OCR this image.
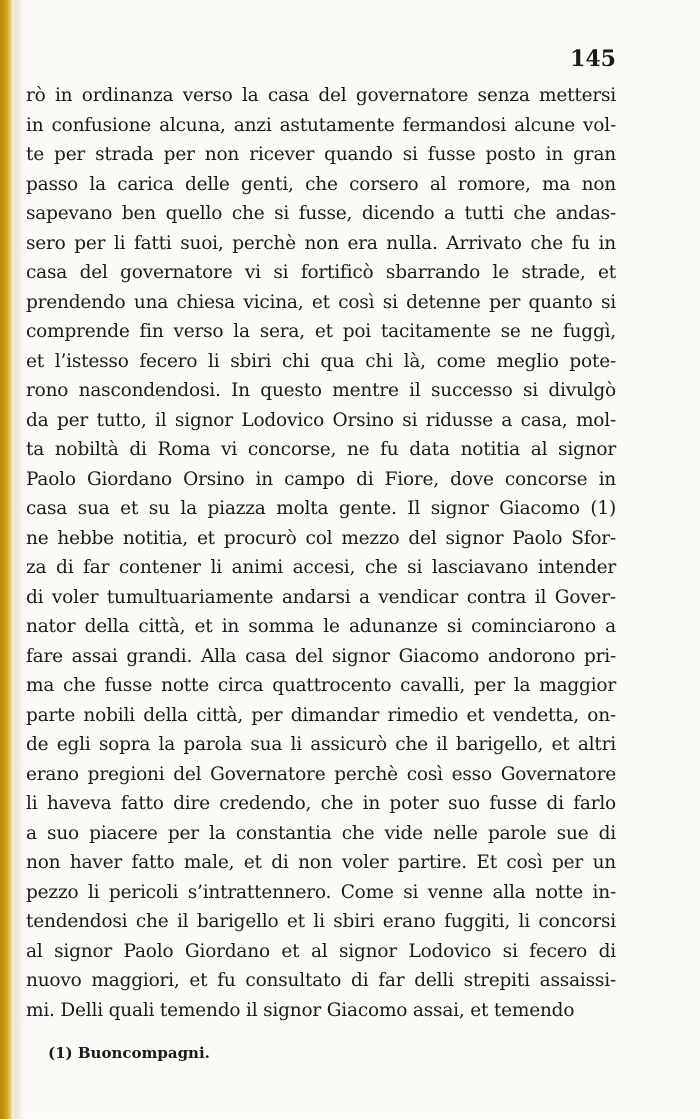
145

rò in ordinanza verso la casa del governatore senza mettersi
in confusione alcuna, anzi astutamente fermandosi alcune vol-
te per strada per non ricever quando si fusse posto in gran
passo la carica delle genti, che corsero al romore, ma non
sapevano ben quello che si fusse, dicendo a tutti che andas-
sero per li fatti suoi, perchè non era nulla. Arrivato che fu in
casa del governatore vi si fortificò sbarrando le strade, et
prendendo una chiesa vicina, et così si detenne per quanto si
comprende fin verso la sera, et poi tacitamente se ne fuggì,
et l’istesso fecero li sbiri chi qua chi là, come meglio pote-
rono nascondendosi. In questo mentre il successo si divulgò
da per tutto, il signor Lodovico Orsino si ridusse a casa, mol-
ta nobiltà di Roma vi concorse, ne fu data notitia al signor
Paolo Giordano Orsino in campo di Fiore, dove concorse in
casa sua et su la piazza molta gente. Il signor Giacomo (1)
ne hebbe notitia, et procurò col mezzo del signor Paolo Sfor-
za di far contener li animi accesi, che si lasciavano intender
di voler tumultuariamente andarsi a vendicar contra il Gover-
nator della città, et in somma le adunanze si cominciarono a
fare assai grandi. Alla casa del signor Giacomo andorono pri-
ma che fusse notte circa quattrocento cavalli, per la maggior
parte nobili della città, per dimandar rimedio et vendetta, on-
de egli sopra la parola sua li assicurò che il barigello, et altri
erano pregioni del Governatore perchè così esso Governatore
li haveva fatto dire credendo, che in poter suo fusse di farlo
a suo piacere per la constantia che vide nelle parole sue di
non haver fatto male, et di non voler partire. Et così per un
pezzo li pericoli s’intrattennero. Come si venne alla notte in-
tendendosi che il barigello et li sbiri erano fuggiti, li concorsi
al signor Paolo Giordano et al signor Lodovico si fecero di
nuovo maggiori, et fu consultato di far delli strepiti assaissi-
mi. Delli quali temendo il signor Giacomo assai, et temendo

(1) Buoncompagni.
